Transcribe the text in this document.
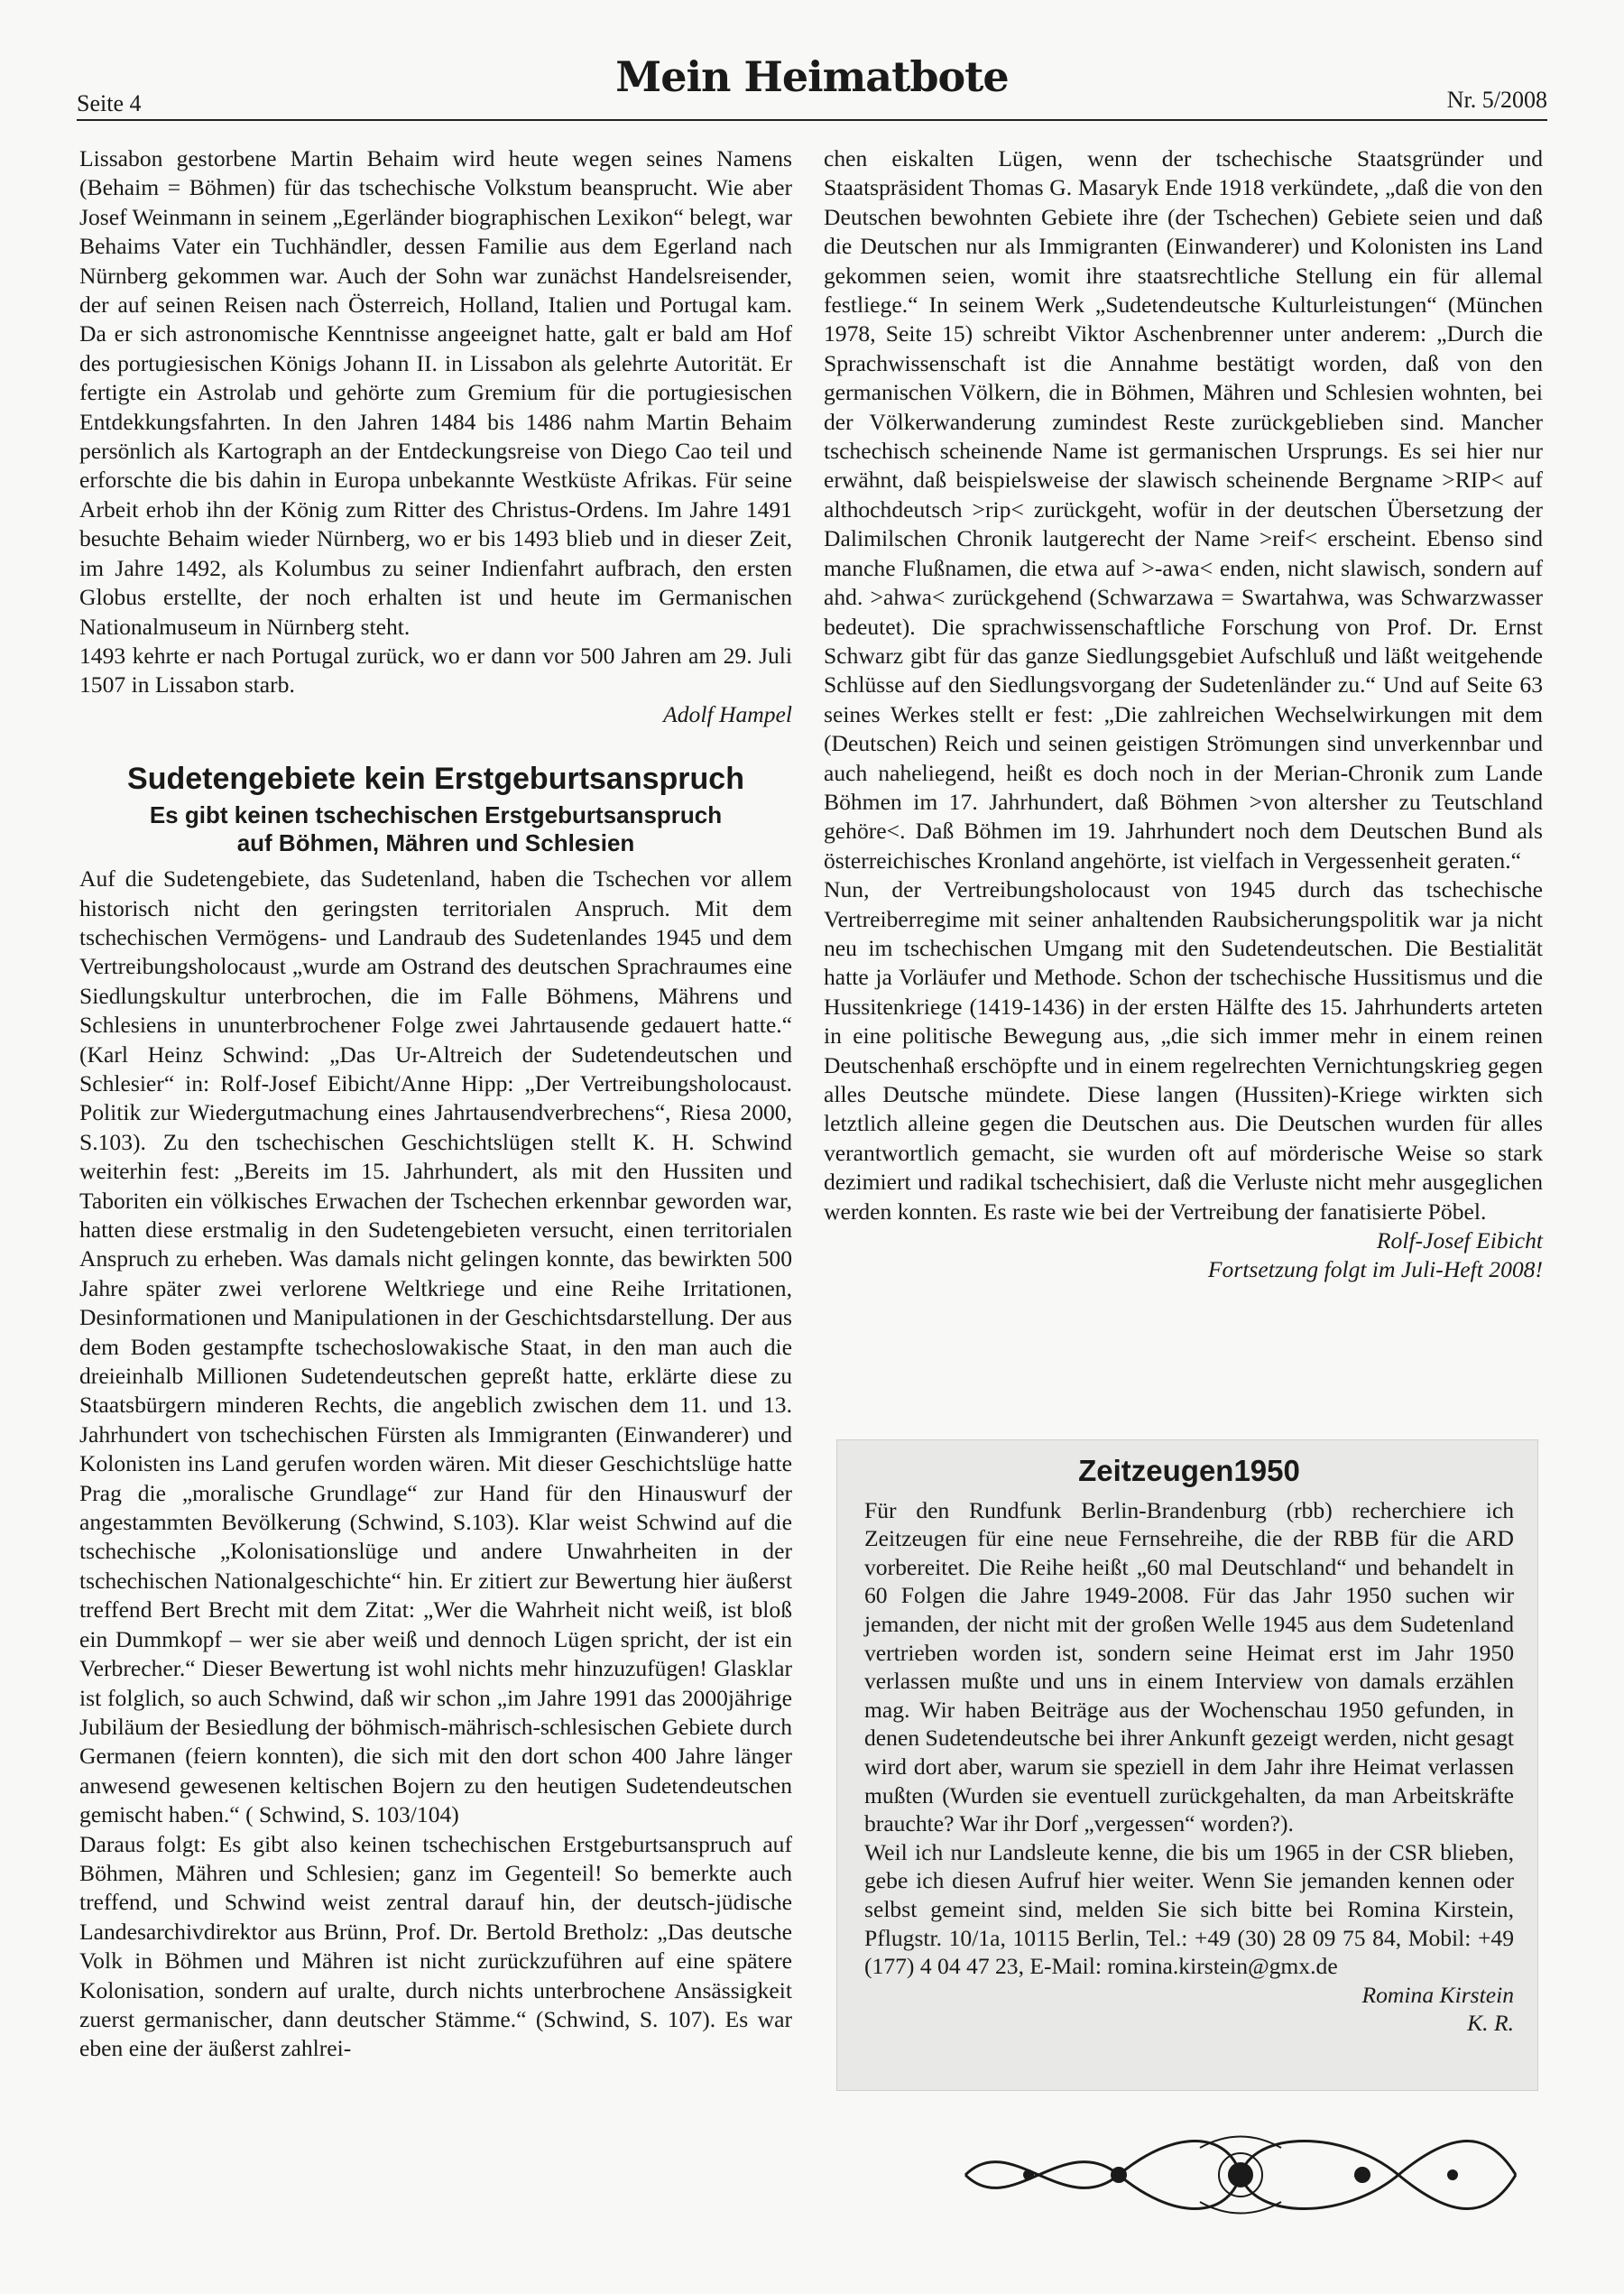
Seite 4
Mein Heimatbote	Nr. 5/2008

Lissabon gestorbene Martin Behaim wird heute wegen seines Namens (Behaim = Böhmen) für das tschechische Volkstum beansprucht. Wie aber Josef Weinmann in seinem „Egerländer biographischen Lexikon“ belegt, war Behaims Vater ein Tuchhändler, dessen Familie aus dem Egerland nach Nürnberg gekommen war. Auch der Sohn war zunächst Handelsreisender, der auf seinen Reisen nach Österreich, Holland, Italien und Portugal kam. Da er sich astronomische Kenntnisse angeeignet hatte, galt er bald am Hof des portugiesischen Königs Johann II. in Lissabon als gelehrte Autorität. Er fertigte ein Astrolab und gehörte zum Gremium für die portugiesischen Entdekkungsfahrten. In den Jahren 1484 bis 1486 nahm Martin Behaim persönlich als Kartograph an der Entdeckungsreise von Diego Cao teil und erforschte die bis dahin in Europa unbekannte Westküste Afrikas. Für seine Arbeit erhob ihn der König zum Ritter des Christus-Ordens. Im Jahre 1491 besuchte Behaim wieder Nürnberg, wo er bis 1493 blieb und in dieser Zeit, im Jahre 1492, als Kolumbus zu seiner Indienfahrt aufbrach, den ersten Globus erstellte, der noch erhalten ist und heute im Germanischen Nationalmuseum in Nürnberg steht.

1493 kehrte er nach Portugal zurück, wo er dann vor 500 Jahren am 29. Juli 1507 in Lissabon starb.

Adolf Hampel

Sudetengebiete kein Erstgeburtsanspruch
Es gibt keinen tschechischen Erstgeburtsanspruch
auf Böhmen, Mähren und Schlesien

Auf die Sudetengebiete, das Sudetenland, haben die Tschechen vor allem historisch nicht den geringsten territorialen Anspruch. Mit dem tschechischen Vermögens- und Landraub des Sudetenlandes 1945 und dem Vertreibungsholocaust „wurde am Ostrand des deutschen Sprachraumes eine Siedlungskultur unterbrochen, die im Falle Böhmens, Mährens und Schlesiens in ununterbrochener Folge zwei Jahrtausende gedauert hatte.“ (Karl Heinz Schwind: „Das Ur-Altreich der Sudetendeutschen und Schlesier“ in: Rolf-Josef Eibicht/Anne Hipp: „Der Vertreibungsholocaust. Politik zur Wiedergutmachung eines Jahrtausendverbrechens“, Riesa 2000, S.103). Zu den tschechischen Geschichtslügen stellt K. H. Schwind weiterhin fest: „Bereits im 15. Jahrhundert, als mit den Hussiten und Taboriten ein völkisches Erwachen der Tschechen erkennbar geworden war, hatten diese erstmalig in den Sudetengebieten versucht, einen territorialen Anspruch zu erheben. Was damals nicht gelingen konnte, das bewirkten 500 Jahre später zwei verlorene Weltkriege und eine Reihe Irritationen, Desinformationen und Manipulationen in der Geschichtsdarstellung. Der aus dem Boden gestampfte tschechoslowakische Staat, in den man auch die dreieinhalb Millionen Sudetendeutschen gepreßt hatte, erklärte diese zu Staatsbürgern minderen Rechts, die angeblich zwischen dem 11. und 13. Jahrhundert von tschechischen Fürsten als Immigranten (Einwanderer) und Kolonisten ins Land gerufen worden wären. Mit dieser Geschichtslüge hatte Prag die „moralische Grundlage“ zur Hand für den Hinauswurf der angestammten Bevölkerung (Schwind, S.103). Klar weist Schwind auf die tschechische „Kolonisationslüge und andere Unwahrheiten in der tschechischen Nationalgeschichte“ hin. Er zitiert zur Bewertung hier äußerst treffend Bert Brecht mit dem Zitat: „Wer die Wahrheit nicht weiß, ist bloß ein Dummkopf – wer sie aber weiß und dennoch Lügen spricht, der ist ein Verbrecher.“ Dieser Bewertung ist wohl nichts mehr hinzuzufügen! Glasklar ist folglich, so auch Schwind, daß wir schon „im Jahre 1991 das 2000jährige Jubiläum der Besiedlung der böhmisch-mährisch-schlesischen Gebiete durch Germanen (feiern konnten), die sich mit den dort schon 400 Jahre länger anwesend gewesenen keltischen Bojern zu den heutigen Sudetendeutschen gemischt haben.“ ( Schwind, S. 103/104)

Daraus folgt: Es gibt also keinen tschechischen Erstgeburtsanspruch auf Böhmen, Mähren und Schlesien; ganz im Gegenteil! So bemerkte auch treffend, und Schwind weist zentral darauf hin, der deutsch-jüdische Landesarchivdirektor aus Brünn, Prof. Dr. Bertold Bretholz: „Das deutsche Volk in Böhmen und Mähren ist nicht zurückzuführen auf eine spätere Kolonisation, sondern auf uralte, durch nichts unterbrochene Ansässigkeit zuerst germanischer, dann deutscher Stämme.“ (Schwind, S. 107). Es war eben eine der äußerst zahlrei-

chen eiskalten Lügen, wenn der tschechische Staatsgründer und Staatspräsident Thomas G. Masaryk Ende 1918 verkündete, „daß die von den Deutschen bewohnten Gebiete ihre (der Tschechen) Gebiete seien und daß die Deutschen nur als Immigranten (Einwanderer) und Kolonisten ins Land gekommen seien, womit ihre staatsrechtliche Stellung ein für allemal festliege.“ In seinem Werk „Sudetendeutsche Kulturleistungen“ (München 1978, Seite 15) schreibt Viktor Aschenbrenner unter anderem: „Durch die Sprachwissenschaft ist die Annahme bestätigt worden, daß von den germanischen Völkern, die in Böhmen, Mähren und Schlesien wohnten, bei der Völkerwanderung zumindest Reste zurückgeblieben sind. Mancher tschechisch scheinende Name ist germanischen Ursprungs. Es sei hier nur erwähnt, daß beispielsweise der slawisch scheinende Bergname >RIP< auf althochdeutsch >rip< zurückgeht, wofür in der deutschen Übersetzung der Dalimilschen Chronik lautgerecht der Name >reif< erscheint. Ebenso sind manche Flußnamen, die etwa auf >-awa< enden, nicht slawisch, sondern auf ahd. >ahwa< zurückgehend (Schwarzawa = Swartahwa, was Schwarzwasser bedeutet). Die sprachwissenschaftliche Forschung von Prof. Dr. Ernst Schwarz gibt für das ganze Siedlungsgebiet Aufschluß und läßt weitgehende Schlüsse auf den Siedlungsvorgang der Sudetenländer zu.“ Und auf Seite 63 seines Werkes stellt er fest: „Die zahlreichen Wechselwirkungen mit dem (Deutschen) Reich und seinen geistigen Strömungen sind unverkennbar und auch naheliegend, heißt es doch noch in der Merian-Chronik zum Lande Böhmen im 17. Jahrhundert, daß Böhmen >von altersher zu Teutschland gehöre<. Daß Böhmen im 19. Jahrhundert noch dem Deutschen Bund als österreichisches Kronland angehörte, ist vielfach in Vergessenheit geraten.“

Nun, der Vertreibungsholocaust von 1945 durch das tschechische Vertreiberregime mit seiner anhaltenden Raubsicherungspolitik war ja nicht neu im tschechischen Umgang mit den Sudetendeutschen. Die Bestialität hatte ja Vorläufer und Methode. Schon der tschechische Hussitismus und die Hussitenkriege (1419-1436) in der ersten Hälfte des 15. Jahrhunderts arteten in eine politische Bewegung aus, „die sich immer mehr in einem reinen Deutschenhaß erschöpfte und in einem regelrechten Vernichtungskrieg gegen alles Deutsche mündete. Diese langen (Hussiten)-Kriege wirkten sich letztlich alleine gegen die Deutschen aus. Die Deutschen wurden für alles verantwortlich gemacht, sie wurden oft auf mörderische Weise so stark dezimiert und radikal tschechisiert, daß die Verluste nicht mehr ausgeglichen werden konnten. Es raste wie bei der Vertreibung der fanatisierte Pöbel.

Rolf-Josef Eibicht

Fortsetzung folgt im Juli-Heft 2008!

Zeitzeugen1950

Für den Rundfunk Berlin-Brandenburg (rbb) recherchiere ich Zeitzeugen für eine neue Fernsehreihe, die der RBB für die ARD vorbereitet. Die Reihe heißt „60 mal Deutschland“ und behandelt in 60 Folgen die Jahre 1949-2008. Für das Jahr 1950 suchen wir jemanden, der nicht mit der großen Welle 1945 aus dem Sudetenland vertrieben worden ist, sondern seine Heimat erst im Jahr 1950 verlassen mußte und uns in einem Interview von damals erzählen mag. Wir haben Beiträge aus der Wochenschau 1950 gefunden, in denen Sudetendeutsche bei ihrer Ankunft gezeigt werden, nicht gesagt wird dort aber, warum sie speziell in dem Jahr ihre Heimat verlassen mußten (Wurden sie eventuell zurückgehalten, da man Arbeitskräfte brauchte? War ihr Dorf „vergessen“ worden?).

Weil ich nur Landsleute kenne, die bis um 1965 in der CSR blieben, gebe ich diesen Aufruf hier weiter. Wenn Sie jemanden kennen oder selbst gemeint sind, melden Sie sich bitte bei Romina Kirstein, Pflugstr. 10/1a, 10115 Berlin, Tel.: +49 (30) 28 09 75 84, Mobil: +49 (177) 4 04 47 23, E-Mail: romina.kirstein@gmx.de

Romina Kirstein

K. R.
